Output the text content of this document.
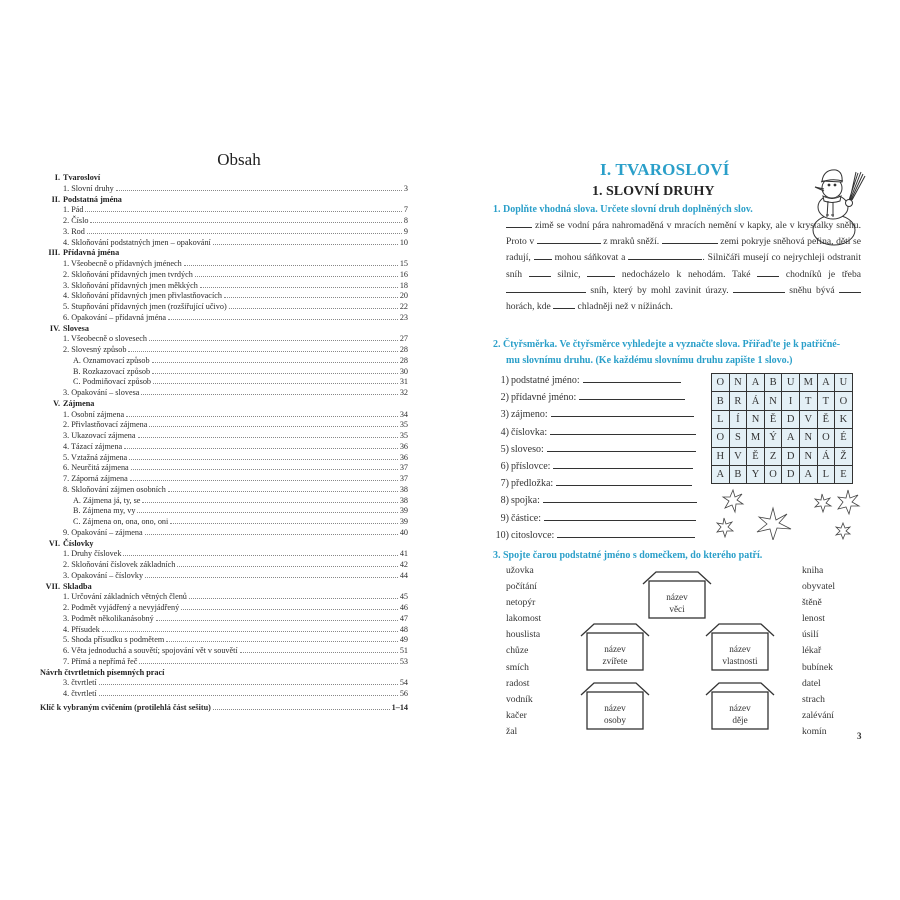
Obsah
I. Tvarosloví
1. Slovní druhy	3
II. Podstatná jména
1. Pád	7
2. Číslo	8
3. Rod	9
4. Skloňování podstatných jmen – opakování	10
III. Přídavná jména
1. Všeobecně o přídavných jménech	15
2. Skloňování přídavných jmen tvrdých	16
3. Skloňování přídavných jmen měkkých	18
4. Skloňování přídavných jmen přivlastňovacích	20
5. Stupňování přídavných jmen (rozšiřující učivo)	22
6. Opakování – přídavná jména	23
IV. Slovesa
1. Všeobecně o slovesech	27
2. Slovesný způsob	28
A. Oznamovací způsob	28
B. Rozkazovací způsob	30
C. Podmiňovací způsob	31
3. Opakování – slovesa	32
V. Zájmena
1. Osobní zájmena	34
2. Přivlastňovací zájmena	35
3. Ukazovací zájmena	35
4. Tázací zájmena	36
5. Vztažná zájmena	36
6. Neurčitá zájmena	37
7. Záporná zájmena	37
8. Skloňování zájmen osobních	38
A. Zájmena já, ty, se	38
B. Zájmena my, vy	39
C. Zájmena on, ona, ono, oni	39
9. Opakování – zájmena	40
VI. Číslovky
1. Druhy číslovek	41
2. Skloňování číslovek základních	42
3. Opakování – číslovky	44
VII. Skladba
1. Určování základních větných členů	45
2. Podmět vyjádřený a nevyjádřený	46
3. Podmět několikanásobný	47
4. Přísudek	48
5. Shoda přísudku s podmětem	49
6. Věta jednoduchá a souvětí; spojování vět v souvětí	51
7. Přímá a nepřímá řeč	53
Návrh čtvrtletních písemných prací
3. čtvrtletí	54
4. čtvrtletí	56
Klíč k vybraným cvičením (protilehlá část sešitu)	1–14
I. TVAROSLOVÍ
1. SLOVNÍ DRUHY
1. Doplňte vhodná slova. Určete slovní druh doplněných slov.
zimě se vodní pára nahromaděná v mracích nemění v kapky, ale v krystalky sněhu. Proto v	z mraků sněží.	zemi pokryje sněhová peřina, děti se radují,  mohou sáňkovat a	. Silničáři musejí co nejrychleji odstranit sníh  silnic,	nedocházelo k nehodám. Také  chodníků je třeba  sníh, který by mohl zavinit úrazy.	sněhu bývá  horách, kde  chladněji než v nížinách.
2. Čtyřsměrka. Ve čtyřsměrce vyhledejte a vyznačte slova. Přiřaďte je k patřičné-
mu slovnímu druhu. (Ke každému slovnímu druhu zapište 1 slovo.)
1) podstatné jméno:
2) přídavné jméno:
3) zájmeno:
4) číslovka:
5) sloveso:
6) příslovce:
7) předložka:
8) spojka:
9) částice:
10) citoslovce:
O	N	A	B	U	M	A	U
B	R	Á	N	I	T	T	O
L	Í	N	Ě	D	V	Ě	K
O	S	M	Ý	A	N	O	É
H	V	Ě	Z	D	N	Á	Ž
A	B	Y	O	D	A	L	E
3. Spojte čarou podstatné jméno s domečkem, do kterého patří.
užovka
počítání
netopýr
lakomost
houslista
chůze
smích
radost
vodník
kačer
žal
kniha
obyvatel
štěně
lenost
úsilí
lékař
bubínek
datel
strach
zalévání
komín
název
věci
název
zvířete
název
vlastnosti
název
osoby
název
děje
3
